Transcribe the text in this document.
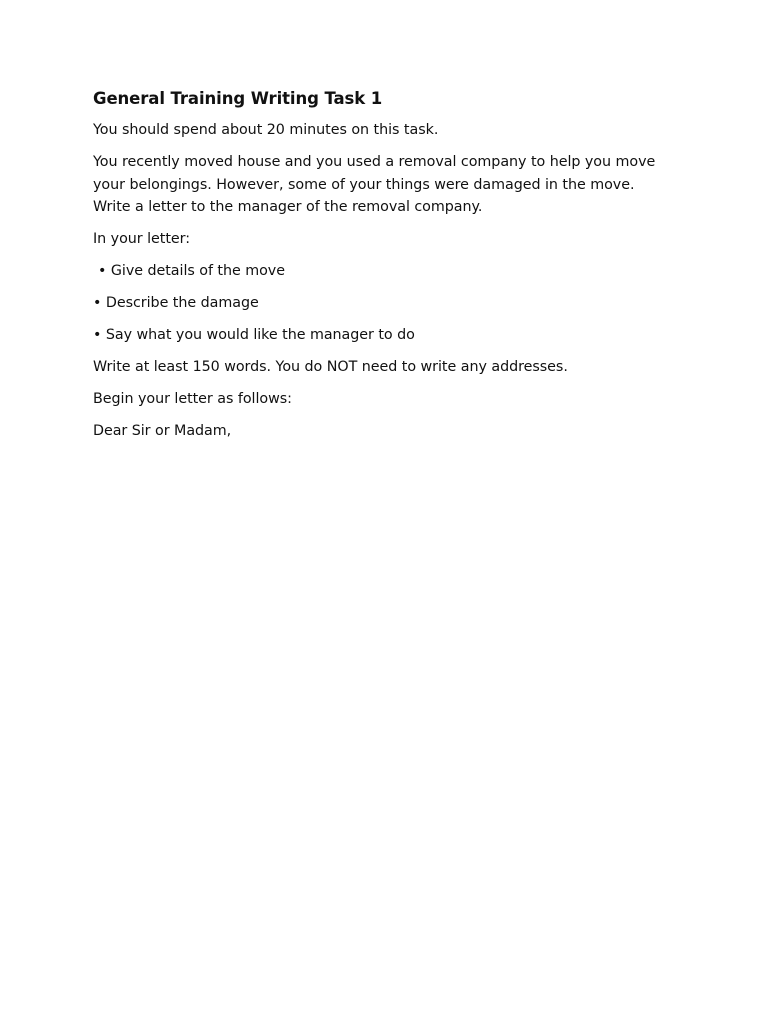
General Training Writing Task 1
You should spend about 20 minutes on this task.
You recently moved house and you used a removal company to help you move
your belongings. However, some of your things were damaged in the move.
Write a letter to the manager of the removal company.
In your letter:
• Give details of the move
• Describe the damage
• Say what you would like the manager to do
Write at least 150 words. You do NOT need to write any addresses.
Begin your letter as follows:
Dear Sir or Madam,
